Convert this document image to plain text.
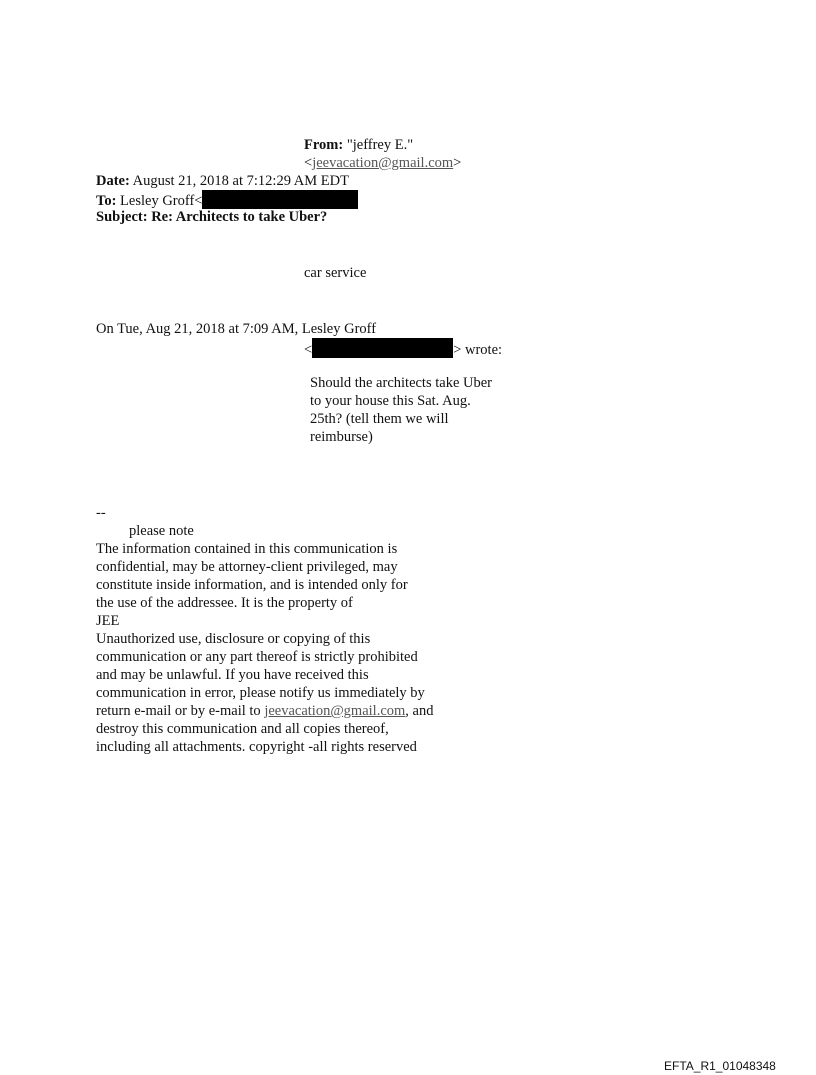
From: "jeffrey E."
<jeevacation@gmail.com>
Date: August 21, 2018 at 7:12:29 AM EDT
To: Lesley Groff<
Subject: Re: Architects to take Uber?
car service
On Tue, Aug 21, 2018 at 7:09 AM, Lesley Groff
<	> wrote:
Should the architects take Uber
to your house this Sat. Aug.
25th? (tell them we will
reimburse)
--
please note
The information contained in this communication is
confidential, may be attorney-client privileged, may
constitute inside information, and is intended only for
the use of the addressee. It is the property of
JEE
Unauthorized use, disclosure or copying of this
communication or any part thereof is strictly prohibited
and may be unlawful. If you have received this
communication in error, please notify us immediately by
return e-mail or by e-mail to jeevacation@gmail.com, and
destroy this communication and all copies thereof,
including all attachments. copyright -all rights reserved
EFTA_R1_01048348
